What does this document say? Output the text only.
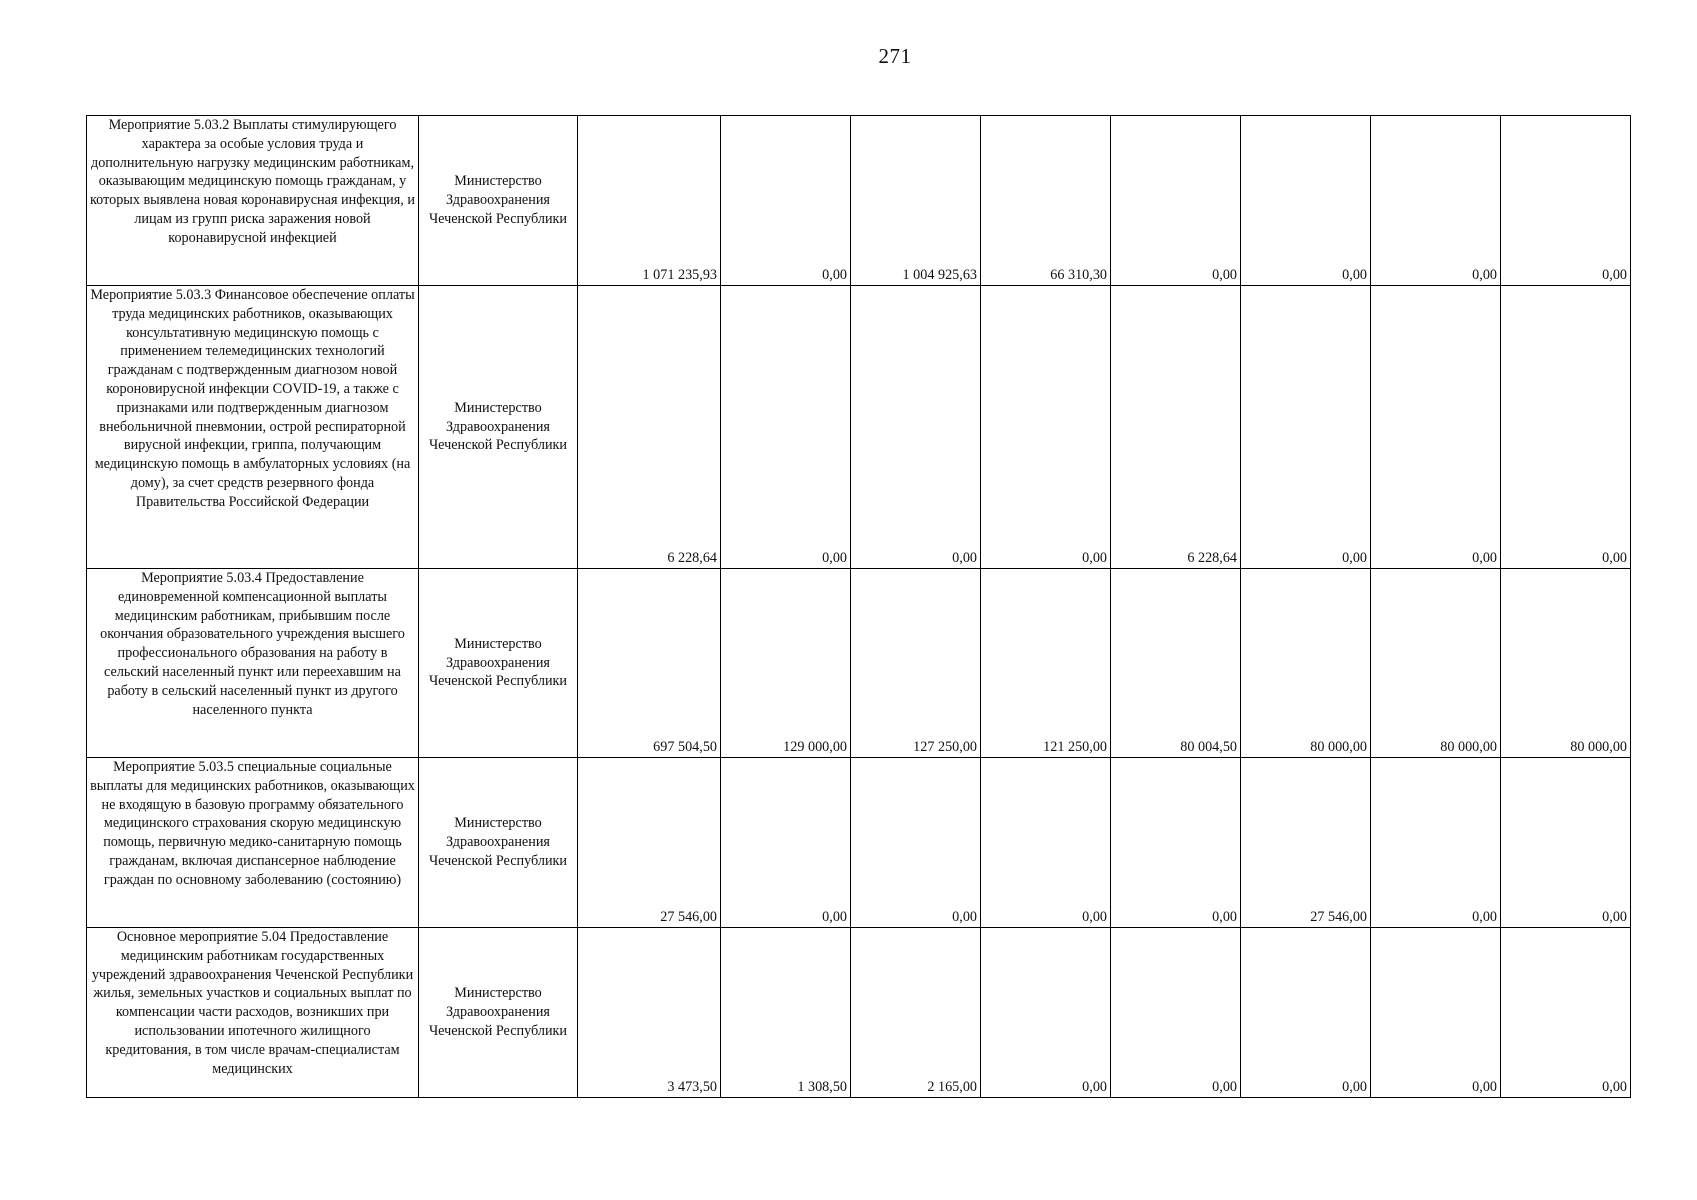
271
Мероприятие 5.03.2 Выплаты стимулирующего характера за особые условия труда и дополнительную нагрузку медицинским работникам, оказывающим медицинскую помощь гражданам, у которых выявлена новая коронавирусная инфекция, и лицам из групп риска заражения новой коронавирусной инфекцией	Министерство Здравоохранения Чеченской Республики	1 071 235,93	0,00	1 004 925,63	66 310,30	0,00	0,00	0,00	0,00
Мероприятие 5.03.3 Финансовое обеспечение оплаты труда медицинских работников, оказывающих консультативную медицинскую помощь с применением телемедицинских технологий гражданам с подтвержденным диагнозом новой короновирусной инфекции COVID-19, а также с признаками или подтвержденным диагнозом внебольничной пневмонии, острой респираторной вирусной инфекции, гриппа, получающим медицинскую помощь в амбулаторных условиях (на дому), за счет средств резервного фонда Правительства Российской Федерации	Министерство Здравоохранения Чеченской Республики	6 228,64	0,00	0,00	0,00	6 228,64	0,00	0,00	0,00
Мероприятие 5.03.4 Предоставление единовременной компенсационной выплаты медицинским работникам, прибывшим после окончания образовательного учреждения высшего профессионального образования на работу в сельский населенный пункт или переехавшим на работу в сельский населенный пункт из другого населенного пункта	Министерство Здравоохранения Чеченской Республики	697 504,50	129 000,00	127 250,00	121 250,00	80 004,50	80 000,00	80 000,00	80 000,00
Мероприятие 5.03.5 специальные социальные выплаты для медицинских работников, оказывающих не входящую в базовую программу обязательного медицинского страхования скорую медицинскую помощь, первичную медико-санитарную помощь гражданам, включая диспансерное наблюдение граждан по основному заболеванию (состоянию)	Министерство Здравоохранения Чеченской Республики	27 546,00	0,00	0,00	0,00	0,00	27 546,00	0,00	0,00
Основное мероприятие 5.04 Предоставление медицинским работникам государственных учреждений здравоохранения Чеченской Республики жилья, земельных участков и социальных выплат по компенсации части расходов, возникших при использовании ипотечного жилищного кредитования, в том числе врачам-специалистам медицинских	Министерство Здравоохранения Чеченской Республики	3 473,50	1 308,50	2 165,00	0,00	0,00	0,00	0,00	0,00
